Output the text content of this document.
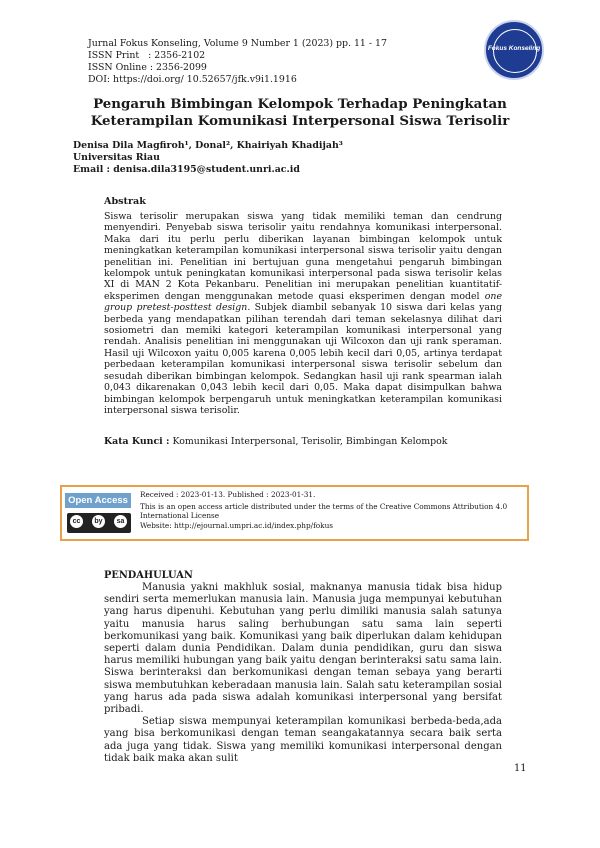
Jurnal Fokus Konseling, Volume 9 Number 1 (2023) pp. 11 - 17
ISSN Print   : 2356-2102
ISSN Online : 2356-2099
DOI: https://doi.org/ 10.52657/jfk.v9i1.1916
Fokus Konseling
Pengaruh Bimbingan Kelompok Terhadap Peningkatan Keterampilan Komunikasi Interpersonal Siswa Terisolir
Denisa Dila Magfiroh¹, Donal², Khairiyah Khadijah³
Universitas Riau
Email : denisa.dila3195@student.unri.ac.id
Abstrak
Siswa terisolir merupakan siswa yang tidak memiliki teman dan cendrung menyendiri. Penyebab siswa terisolir yaitu rendahnya komunikasi interpersonal. Maka dari itu perlu perlu diberikan layanan bimbingan kelompok untuk meningkatkan keterampilan komunikasi interpersonal siswa terisolir yaitu dengan penelitian ini. Penelitian ini bertujuan guna mengetahui pengaruh bimbingan kelompok untuk peningkatan komunikasi interpersonal pada siswa terisolir kelas XI di MAN 2 Kota Pekanbaru. Penelitian ini merupakan penelitian kuantitatif-eksperimen dengan menggunakan metode quasi eksperimen dengan model one group pretest-posttest design. Subjek diambil sebanyak 10 siswa dari kelas yang berbeda yang mendapatkan pilihan terendah dari teman sekelasnya dilihat dari sosiometri dan memiki kategori keterampilan komunikasi interpersonal yang rendah. Analisis penelitian ini menggunakan uji Wilcoxon dan uji rank speraman. Hasil uji Wilcoxon yaitu 0,005 karena 0,005 lebih kecil dari 0,05, artinya terdapat perbedaan keterampilan komunikasi interpersonal siswa terisolir sebelum dan sesudah diberikan bimbingan kelompok. Sedangkan hasil uji rank spearman ialah 0,043 dikarenakan 0,043 lebih kecil dari 0,05. Maka dapat disimpulkan bahwa bimbingan kelompok berpengaruh untuk meningkatkan keterampilan komunikasi interpersonal siswa terisolir.
Kata Kunci : Komunikasi Interpersonal, Terisolir, Bimbingan Kelompok
Open Access
cc	by	sa
Received : 2023-01-13. Published : 2023-01-31.
This is an open access article distributed under the terms of the Creative Commons Attribution 4.0 International License
Website: http://ejournal.umpri.ac.id/index.php/fokus
PENDAHULUAN

Manusia yakni makhluk sosial, maknanya manusia tidak bisa hidup sendiri serta memerlukan manusia lain. Manusia juga mempunyai kebutuhan yang harus dipenuhi. Kebutuhan yang perlu dimiliki manusia salah satunya yaitu manusia harus saling berhubungan satu sama lain seperti berkomunikasi yang baik. Komunikasi yang baik diperlukan dalam kehidupan seperti dalam dunia Pendidikan. Dalam dunia pendidikan, guru dan siswa harus memiliki hubungan yang baik yaitu dengan berinteraksi satu sama lain. Siswa berinteraksi dan berkomunikasi dengan teman sebaya yang berarti siswa membutuhkan keberadaan manusia lain. Salah satu keterampilan sosial yang harus ada pada siswa adalah komunikasi interpersonal yang bersifat pribadi.

Setiap siswa mempunyai keterampilan komunikasi berbeda-beda,ada yang bisa berkomunikasi dengan teman seangakatannya secara baik serta ada juga yang tidak. Siswa yang memiliki komunikasi interpersonal dengan tidak baik maka akan sulit

11
